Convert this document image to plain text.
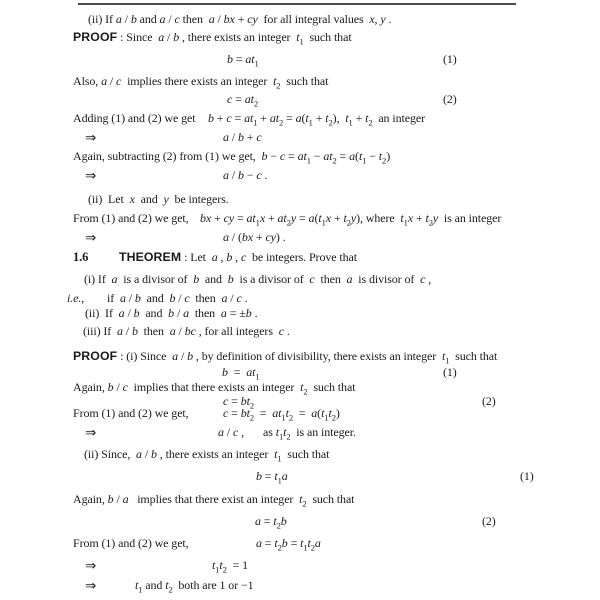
(ii) If a / b and a / c then  a / bx + cy  for all integral values  x, y .
PROOF : Since  a / b , there exists an integer  $t_1$  such that
$b = at_1$	(1)
Also, a / c  implies there exists an integer  $t_2$  such that
$c = at_2$	(2)
Adding (1) and (2) we get $b + c = at_1 + at_2 = a(t_1 + t_2)$,  $t_1 + t_2$  an integer
⇒	a / b + c
Again, subtracting (2) from (1) we get,  $b - c = at_1 - at_2 = a(t_1 - t_2)$
⇒	a / b − c .
(ii)  Let  x  and  y  be integers.
From (1) and (2) we get, bx + cy = $at_1x + at_2y = a(t_1x + t_2y)$, where  $t_1x + t_2y$  is an integer
⇒	a / (bx + cy) .
1.6 THEOREM : Let  a , b , c  be integers. Prove that
(i) If  a  is a divisor of  b  and  b  is a divisor of  c  then  a  is divisor of  c ,
i.e., if  a / b  and  b / c  then  a / c .
(ii)  If  a / b  and  b / a  then  a = ±b .
(iii) If  a / b  then  a / bc , for all integers  c .
PROOF : (i) Since  a / b , by definition of divisibility, there exists an integer  $t_1$  such that
$b = at_1$	(1)
Again, b / c  implies that there exists an integer  $t_2$  such that
$c = bt_2$	(2)
From (1) and (2) we get,	$c = bt_2 = at_1t_2 = a(t_1t_2)$
⇒	a / c , as $t_1t_2$  is an integer.
(ii) Since,  a / b , there exists an integer  $t_1$  such that
$b = t_1a$	(1)
Again, b / a   implies that there exist an integer  $t_2$  such that
$a = t_2b$	(2)
From (1) and (2) we get,	$a = t_2b = t_1t_2a$
⇒	$t_1t_2 = 1$
⇒	$t_1$ and $t_2$  both are 1 or −1
